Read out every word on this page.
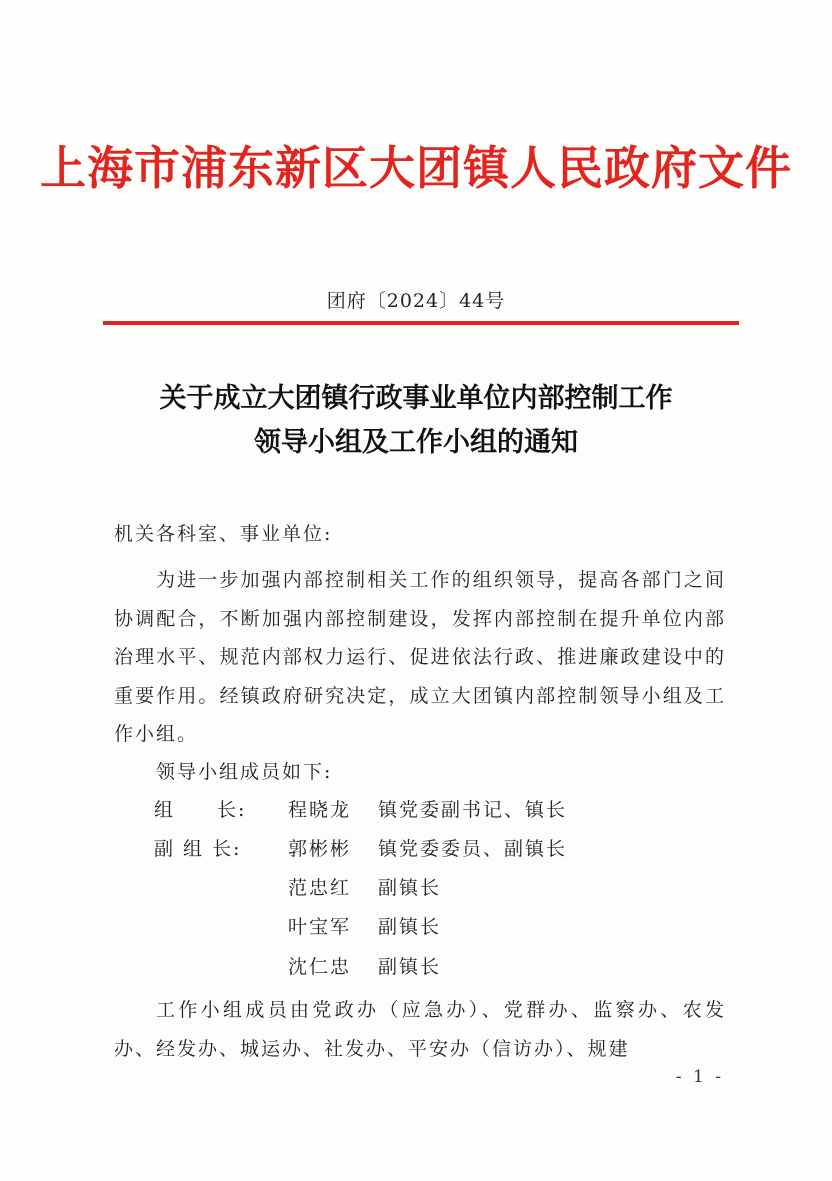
上海市浦东新区大团镇人民政府文件
团府〔2024〕44号
关于成立大团镇行政事业单位内部控制工作
领导小组及工作小组的通知
机关各科室、事业单位:
为进一步加强内部控制相关工作的组织领导，提高各部门之间协调配合，不断加强内部控制建设，发挥内部控制在提升单位内部治理水平、规范内部权力运行、促进依法行政、推进廉政建设中的重要作用。经镇政府研究决定，成立大团镇内部控制领导小组及工作小组。
领导小组成员如下:
组　　长:	程晓龙 镇党委副书记、镇长
副 组 长:	郭彬彬 镇党委委员、副镇长
范忠红 副镇长
叶宝军 副镇长
沈仁忠 副镇长
工作小组成员由党政办（应急办）、党群办、监察办、农发办、经发办、城运办、社发办、平安办（信访办）、规建
- 1 -
